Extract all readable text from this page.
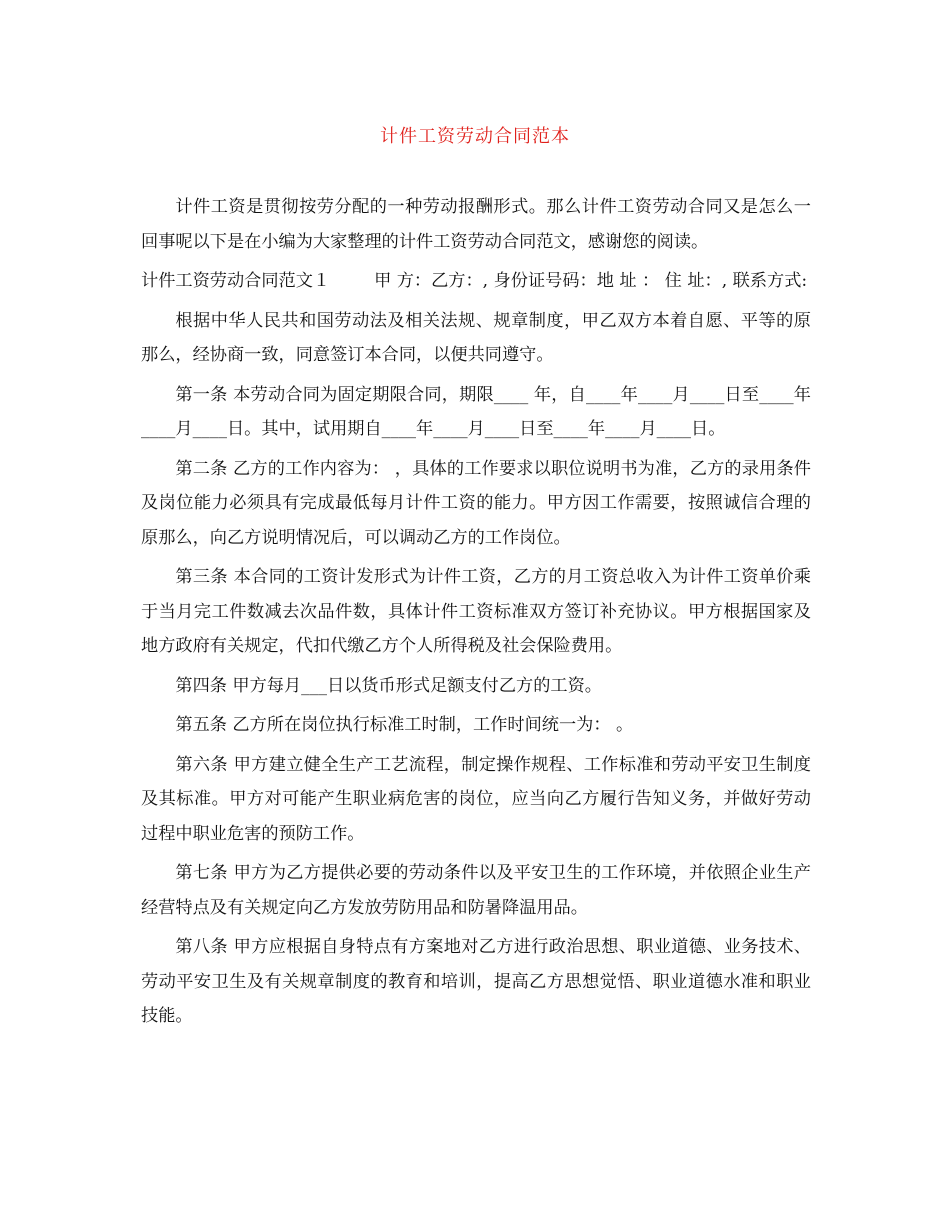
计件工资劳动合同范本

计件工资是贯彻按劳分配的一种劳动报酬形式。那么计件工资劳动合同又是怎么一回事呢以下是在小编为大家整理的计件工资劳动合同范文，感谢您的阅读。

计件工资劳动合同范文１	甲 方：乙方：, 身份证号码：地 址 ： 住 址：, 联系方式:

根据中华人民共和国劳动法及相关法规、规章制度，甲乙双方本着自愿、平等的原那么，经协商一致，同意签订本合同，以便共同遵守。

第一条 本劳动合同为固定期限合同，期限____ 年，自____年____月____日至____年____月____日。其中，试用期自____年____月____日至____年____月____日。

第二条 乙方的工作内容为： ，具体的工作要求以职位说明书为准，乙方的录用条件及岗位能力必须具有完成最低每月计件工资的能力。甲方因工作需要，按照诚信合理的原那么，向乙方说明情况后，可以调动乙方的工作岗位。

第三条 本合同的工资计发形式为计件工资，乙方的月工资总收入为计件工资单价乘于当月完工件数减去次品件数，具体计件工资标准双方签订补充协议。甲方根据国家及地方政府有关规定，代扣代缴乙方个人所得税及社会保险费用。

第四条 甲方每月___日以货币形式足额支付乙方的工资。

第五条 乙方所在岗位执行标准工时制，工作时间统一为： 。

第六条 甲方建立健全生产工艺流程，制定操作规程、工作标准和劳动平安卫生制度及其标准。甲方对可能产生职业病危害的岗位，应当向乙方履行告知义务，并做好劳动过程中职业危害的预防工作。

第七条 甲方为乙方提供必要的劳动条件以及平安卫生的工作环境，并依照企业生产经营特点及有关规定向乙方发放劳防用品和防暑降温用品。

第八条 甲方应根据自身特点有方案地对乙方进行政治思想、职业道德、业务技术、劳动平安卫生及有关规章制度的教育和培训，提高乙方思想觉悟、职业道德水准和职业技能。
